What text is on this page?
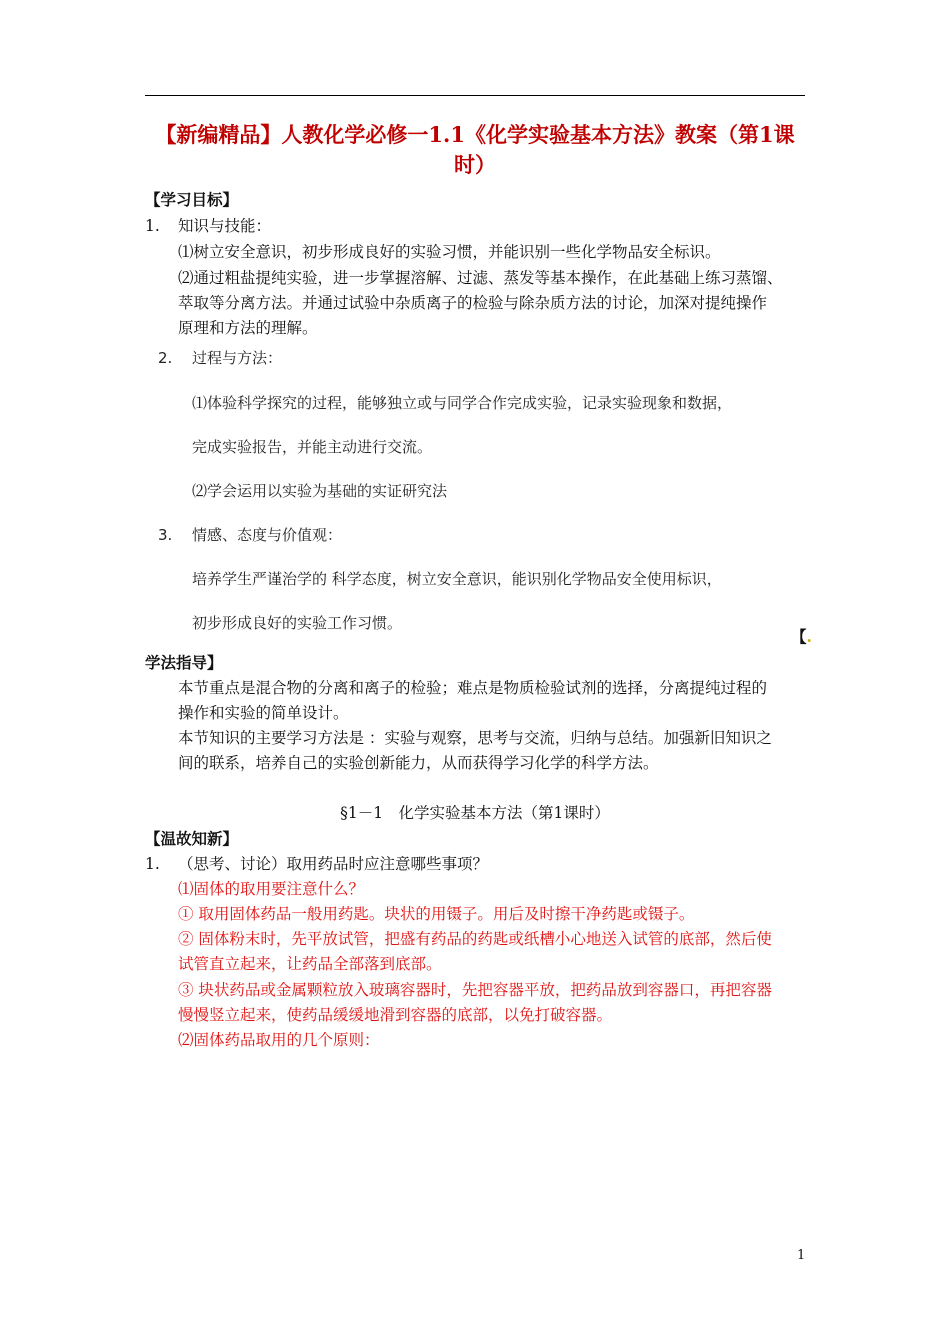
【新编精品】人教化学必修一1.1《化学实验基本方法》教案（第1课
时）
【学习目标】
1. 知识与技能：
⑴树立安全意识，初步形成良好的实验习惯，并能识别一些化学物品安全标识。
⑵通过粗盐提纯实验，进一步掌握溶解、过滤、蒸发等基本操作，在此基础上练习蒸馏、
萃取等分离方法。并通过试验中杂质离子的检验与除杂质方法的讨论，加深对提纯操作
原理和方法的理解。
2. 过程与方法：
⑴体验科学探究的过程，能够独立或与同学合作完成实验，记录实验现象和数据，
完成实验报告，并能主动进行交流。
⑵学会运用以实验为基础的实证研究法
3. 情感、态度与价值观：
培养学生严谨治学的 科学态度，树立安全意识，能识别化学物品安全使用标识，
初步形成良好的实验工作习惯。
【.
学法指导】
本节重点是混合物的分离和离子的检验；难点是物质检验试剂的选择，分离提纯过程的
操作和实验的简单设计。
本节知识的主要学习方法是 ：实验与观察，思考与交流，归纳与总结。加强新旧知识之
间的联系，培养自己的实验创新能力，从而获得学习化学的科学方法。
§1－1　化学实验基本方法（第1课时）
【温故知新】
1. （思考、讨论）取用药品时应注意哪些事项？
⑴固体的取用要注意什么？
① 取用固体药品一般用药匙。块状的用镊子。用后及时擦干净药匙或镊子。
② 固体粉末时，先平放试管，把盛有药品的药匙或纸槽小心地送入试管的底部，然后使
试管直立起来，让药品全部落到底部。
③ 块状药品或金属颗粒放入玻璃容器时，先把容器平放，把药品放到容器口，再把容器
慢慢竖立起来，使药品缓缓地滑到容器的底部，以免打破容器。
⑵固体药品取用的几个原则：
1
